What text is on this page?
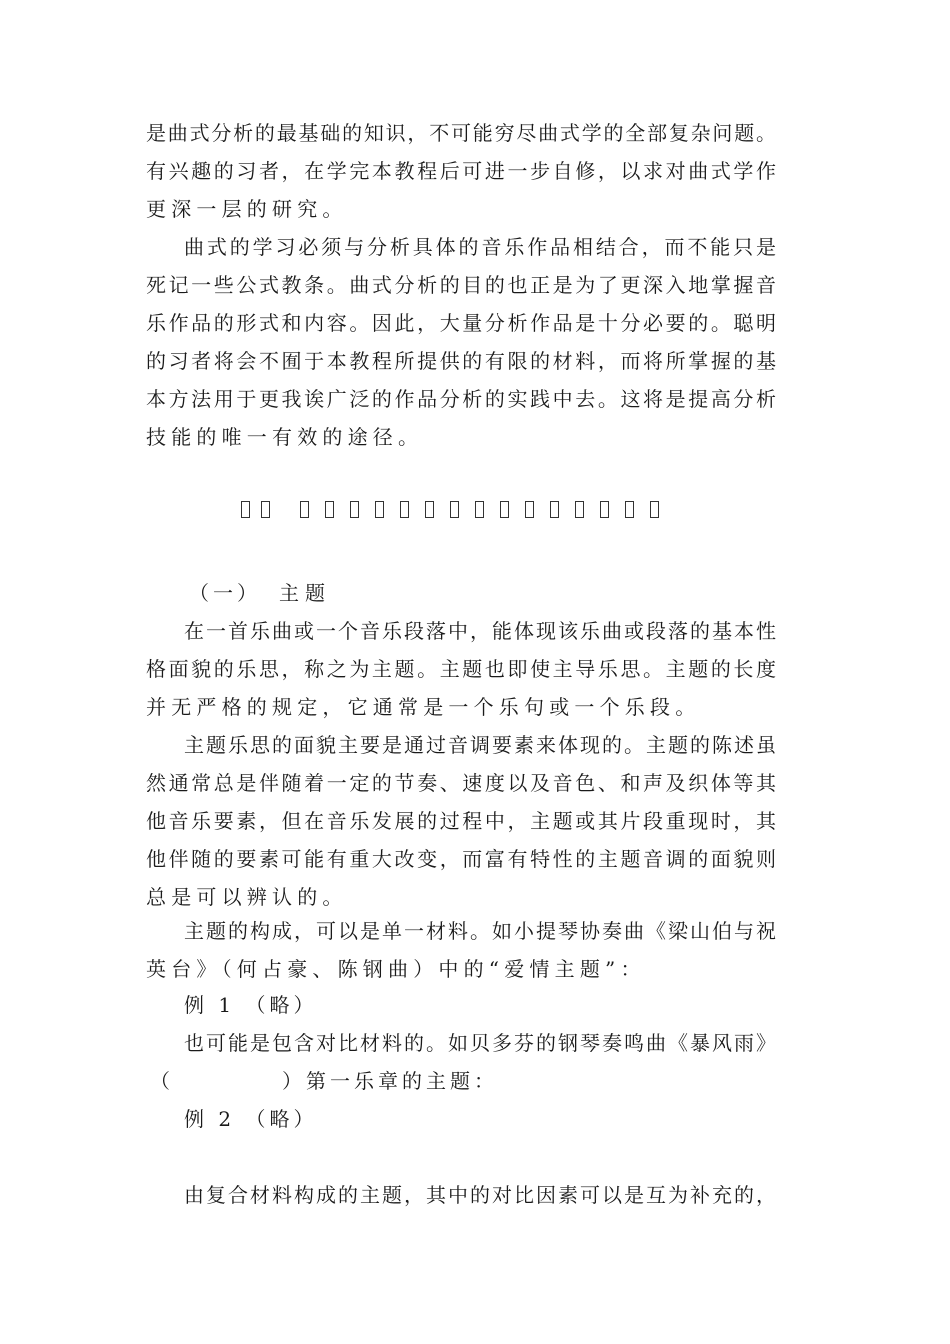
是曲式分析的最基础的知识，不可能穷尽曲式学的全部复杂问题。
有兴趣的习者，在学完本教程后可进一步自修，以求对曲式学作
更深一层的研究。
曲式的学习必须与分析具体的音乐作品相结合，而不能只是
死记一些公式教条。曲式分析的目的也正是为了更深入地掌握音
乐作品的形式和内容。因此，大量分析作品是十分必要的。聪明
的习者将会不囿于本教程所提供的有限的材料，而将所掌握的基
本方法用于更我诶广泛的作品分析的实践中去。这将是提高分析
技能的唯一有效的途径。
（一） 主题
在一首乐曲或一个音乐段落中，能体现该乐曲或段落的基本性
格面貌的乐思，称之为主题。主题也即使主导乐思。主题的长度
并无严格的规定，它通常是一个乐句或一个乐段。
主题乐思的面貌主要是通过音调要素来体现的。主题的陈述虽
然通常总是伴随着一定的节奏、速度以及音色、和声及织体等其
他音乐要素，但在音乐发展的过程中，主题或其片段重现时，其
他伴随的要素可能有重大改变，而富有特性的主题音调的面貌则
总是可以辨认的。
主题的构成，可以是单一材料。如小提琴协奏曲《梁山伯与祝
英台》（何占豪、陈钢曲）中的“爱情主题”：
例 1 （略）
也可能是包含对比材料的。如贝多芬的钢琴奏鸣曲《暴风雨》
（	）第一乐章的主题：
例 2 （略）
由复合材料构成的主题，其中的对比因素可以是互为补充的，
